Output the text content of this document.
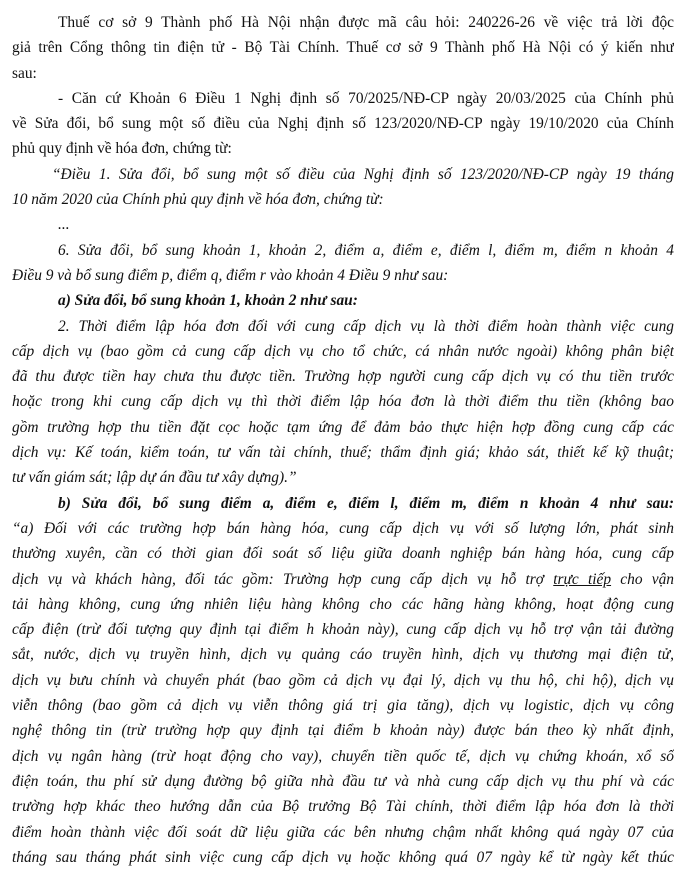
Thuế cơ sở 9 Thành phố Hà Nội nhận được mã câu hỏi: 240226-26 về việc trả lời độc
giả trên Cổng thông tin điện tử - Bộ Tài Chính. Thuế cơ sở 9 Thành phố Hà Nội có ý kiến như
sau:
- Căn cứ Khoản 6 Điều 1 Nghị định số 70/2025/NĐ-CP ngày 20/03/2025 của Chính phủ
về Sửa đổi, bổ sung một số điều của Nghị định số 123/2020/NĐ-CP ngày 19/10/2020 của Chính
phủ quy định về hóa đơn, chứng từ:
“Điều 1. Sửa đổi, bổ sung một số điều của Nghị định số 123/2020/NĐ-CP ngày 19 tháng
10 năm 2020 của Chính phủ quy định về hóa đơn, chứng từ:
...
6. Sửa đổi, bổ sung khoản 1, khoản 2, điểm a, điểm e, điểm l, điểm m, điểm n khoản 4
Điều 9 và bổ sung điểm p, điểm q, điểm r vào khoản 4 Điều 9 như sau:
a) Sửa đổi, bổ sung khoản 1, khoản 2 như sau:
2. Thời điểm lập hóa đơn đối với cung cấp dịch vụ là thời điểm hoàn thành việc cung
cấp dịch vụ (bao gồm cả cung cấp dịch vụ cho tổ chức, cá nhân nước ngoài) không phân biệt
đã thu được tiền hay chưa thu được tiền. Trường hợp người cung cấp dịch vụ có thu tiền trước
hoặc trong khi cung cấp dịch vụ thì thời điểm lập hóa đơn là thời điểm thu tiền (không bao
gồm trường hợp thu tiền đặt cọc hoặc tạm ứng để đảm bảo thực hiện hợp đồng cung cấp các
dịch vụ: Kế toán, kiểm toán, tư vấn tài chính, thuế; thẩm định giá; khảo sát, thiết kế kỹ thuật;
tư vấn giám sát; lập dự án đầu tư xây dựng).”
b) Sửa đổi, bổ sung điểm a, điểm e, điểm l, điểm m, điểm n khoản 4 như sau:
“a) Đối với các trường hợp bán hàng hóa, cung cấp dịch vụ với số lượng lớn, phát sinh
thường xuyên, cần có thời gian đối soát số liệu giữa doanh nghiệp bán hàng hóa, cung cấp
dịch vụ và khách hàng, đối tác gồm: Trường hợp cung cấp dịch vụ hỗ trợ trực tiếp cho vận
tải hàng không, cung ứng nhiên liệu hàng không cho các hãng hàng không, hoạt động cung
cấp điện (trừ đối tượng quy định tại điểm h khoản này), cung cấp dịch vụ hỗ trợ vận tải đường
sắt, nước, dịch vụ truyền hình, dịch vụ quảng cáo truyền hình, dịch vụ thương mại điện tử,
dịch vụ bưu chính và chuyển phát (bao gồm cả dịch vụ đại lý, dịch vụ thu hộ, chi hộ), dịch vụ
viễn thông (bao gồm cả dịch vụ viễn thông giá trị gia tăng), dịch vụ logistic, dịch vụ công
nghệ thông tin (trừ trường hợp quy định tại điểm b khoản này) được bán theo kỳ nhất định,
dịch vụ ngân hàng (trừ hoạt động cho vay), chuyển tiền quốc tế, dịch vụ chứng khoán, xổ số
điện toán, thu phí sử dụng đường bộ giữa nhà đầu tư và nhà cung cấp dịch vụ thu phí và các
trường hợp khác theo hướng dẫn của Bộ trưởng Bộ Tài chính, thời điểm lập hóa đơn là thời
điểm hoàn thành việc đối soát dữ liệu giữa các bên nhưng chậm nhất không quá ngày 07 của
tháng sau tháng phát sinh việc cung cấp dịch vụ hoặc không quá 07 ngày kể từ ngày kết thúc
